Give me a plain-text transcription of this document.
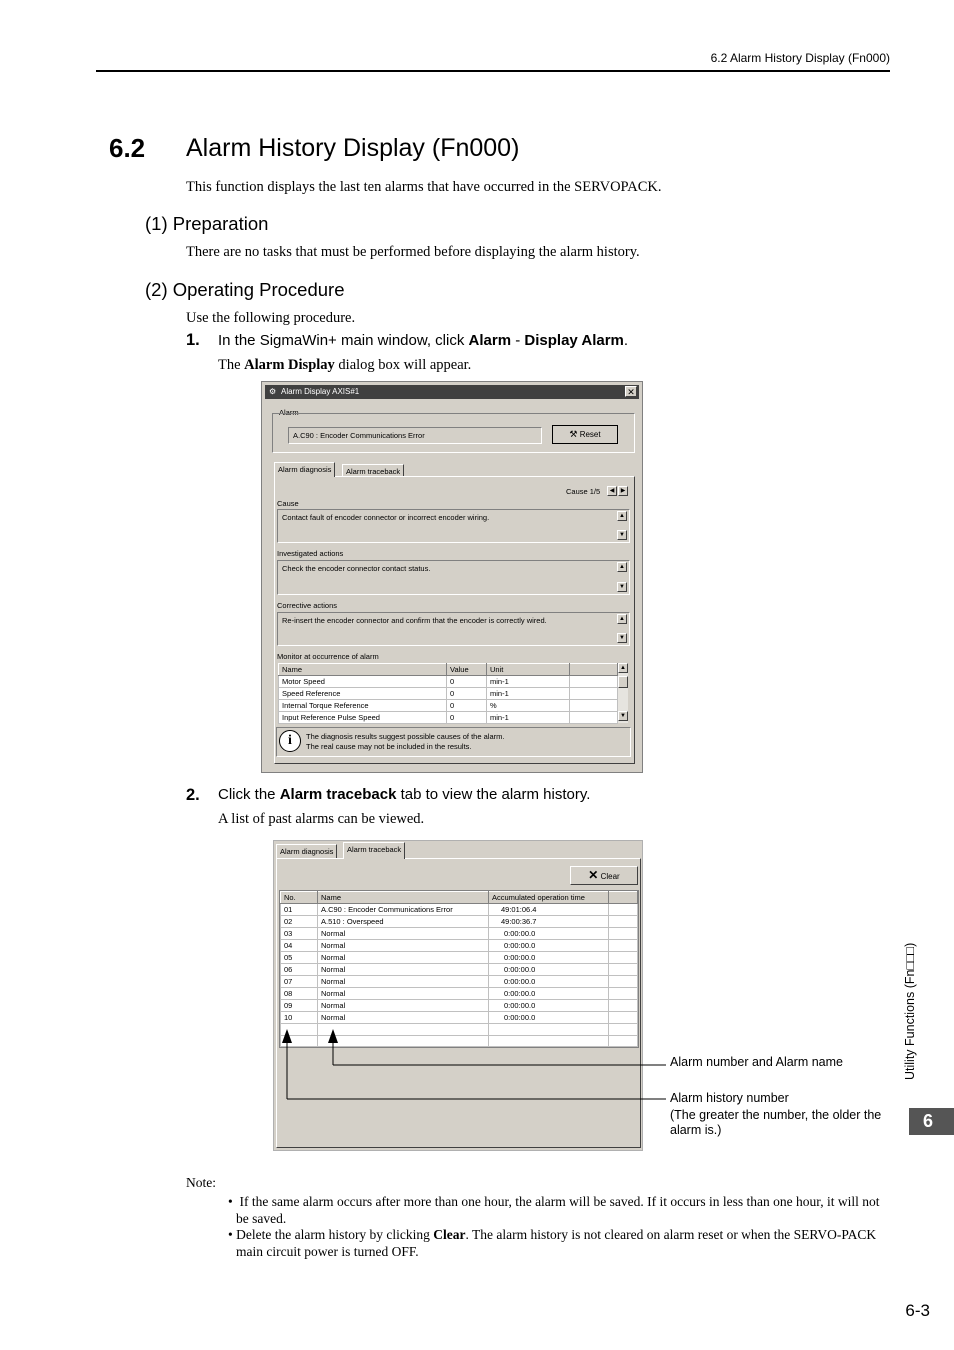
6.2 Alarm History Display (Fn000)
6.2 Alarm History Display (Fn000)
This function displays the last ten alarms that have occurred in the SERVOPACK.
(1) Preparation
There are no tasks that must be performed before displaying the alarm history.
(2) Operating Procedure
Use the following procedure.
1. In the SigmaWin+ main window, click Alarm - Display Alarm.
The Alarm Display dialog box will appear.
⚙ Alarm Display AXIS#1	✕
Alarm
A.C90 : Encoder Communications Error	⚒ Reset
Alarm diagnosis	Alarm traceback
Cause 1/5	◀	▶
Cause
Contact fault of encoder connector or incorrect encoder wiring.	▲
▼
Investigated actions
Check the encoder connector contact status.	▲
▼
Corrective actions
Re-insert the encoder connector and confirm that the encoder is correctly wired.	▲
▼
Monitor at occurrence of alarm
Name	Value	Unit	
Motor Speed	0	min-1	
Speed Reference	0	min-1	
Internal Torque Reference	0	%	
Input Reference Pulse Speed	0	min-1	
▲
▼
i	The diagnosis results suggest possible causes of the alarm.
The real cause may not be included in the results.
2. Click the Alarm traceback tab to view the alarm history.
A list of past alarms can be viewed.
Alarm diagnosis	Alarm traceback
✕ Clear
No.	Name	Accumulated operation time	
01	A.C90 : Encoder Communications Error	49:01:06.4	
02	A.510 : Overspeed	49:00:36.7	
03	Normal	0:00:00.0	
04	Normal	0:00:00.0	
05	Normal	0:00:00.0	
06	Normal	0:00:00.0	
07	Normal	0:00:00.0	
08	Normal	0:00:00.0	
09	Normal	0:00:00.0	
10	Normal	0:00:00.0	

Alarm number and Alarm name
Alarm history number
(The greater the number, the older the
alarm is.)
Note:
•  If the same alarm occurs after more than one hour, the alarm will be saved. If it occurs in less than one hour, it will not be saved.
• Delete the alarm history by clicking Clear. The alarm history is not cleared on alarm reset or when the SERVO-PACK main circuit power is turned OFF.
Utility Functions (Fn□□□)
6
6-3
